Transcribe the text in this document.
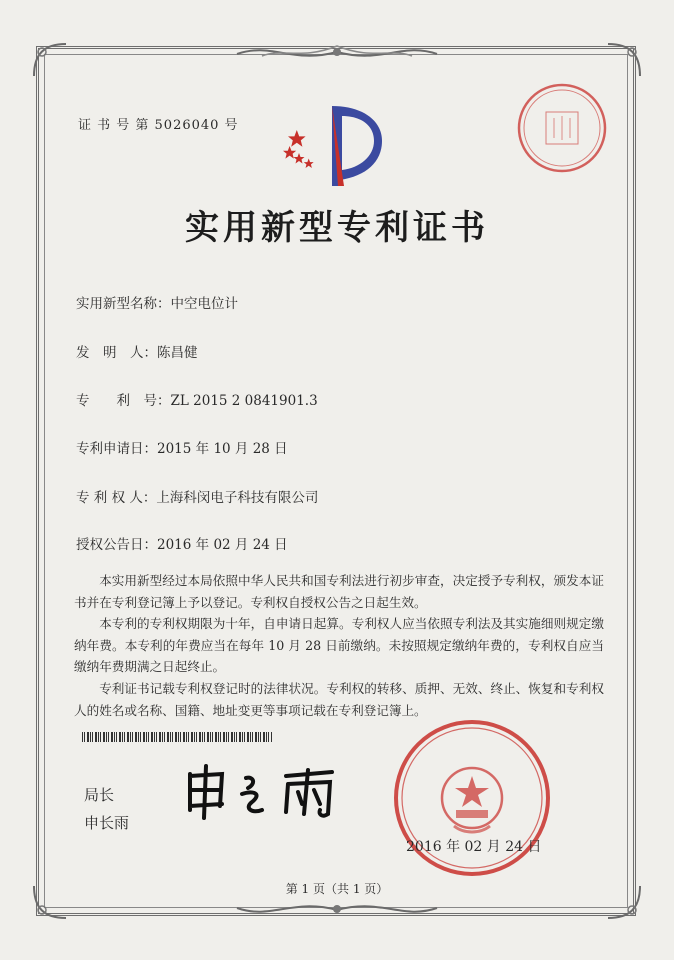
证 书 号 第 5026040 号
实用新型专利证书
实用新型名称：中空电位计
发　明　人：陈昌健
专　　利　号：ZL 2015 2 0841901.3
专利申请日：2015 年 10 月 28 日
专 利 权 人：上海科闵电子科技有限公司
授权公告日：2016 年 02 月 24 日
本实用新型经过本局依照中华人民共和国专利法进行初步审查，决定授予专利权，颁发本证书并在专利登记簿上予以登记。专利权自授权公告之日起生效。
本专利的专利权期限为十年，自申请日起算。专利权人应当依照专利法及其实施细则规定缴纳年费。本专利的年费应当在每年 10 月 28 日前缴纳。未按照规定缴纳年费的，专利权自应当缴纳年费期满之日起终止。
专利证书记载专利权登记时的法律状况。专利权的转移、质押、无效、终止、恢复和专利权人的姓名或名称、国籍、地址变更等事项记载在专利登记簿上。
局长
申长雨
2016 年 02 月 24 日
第 1 页（共 1 页）
